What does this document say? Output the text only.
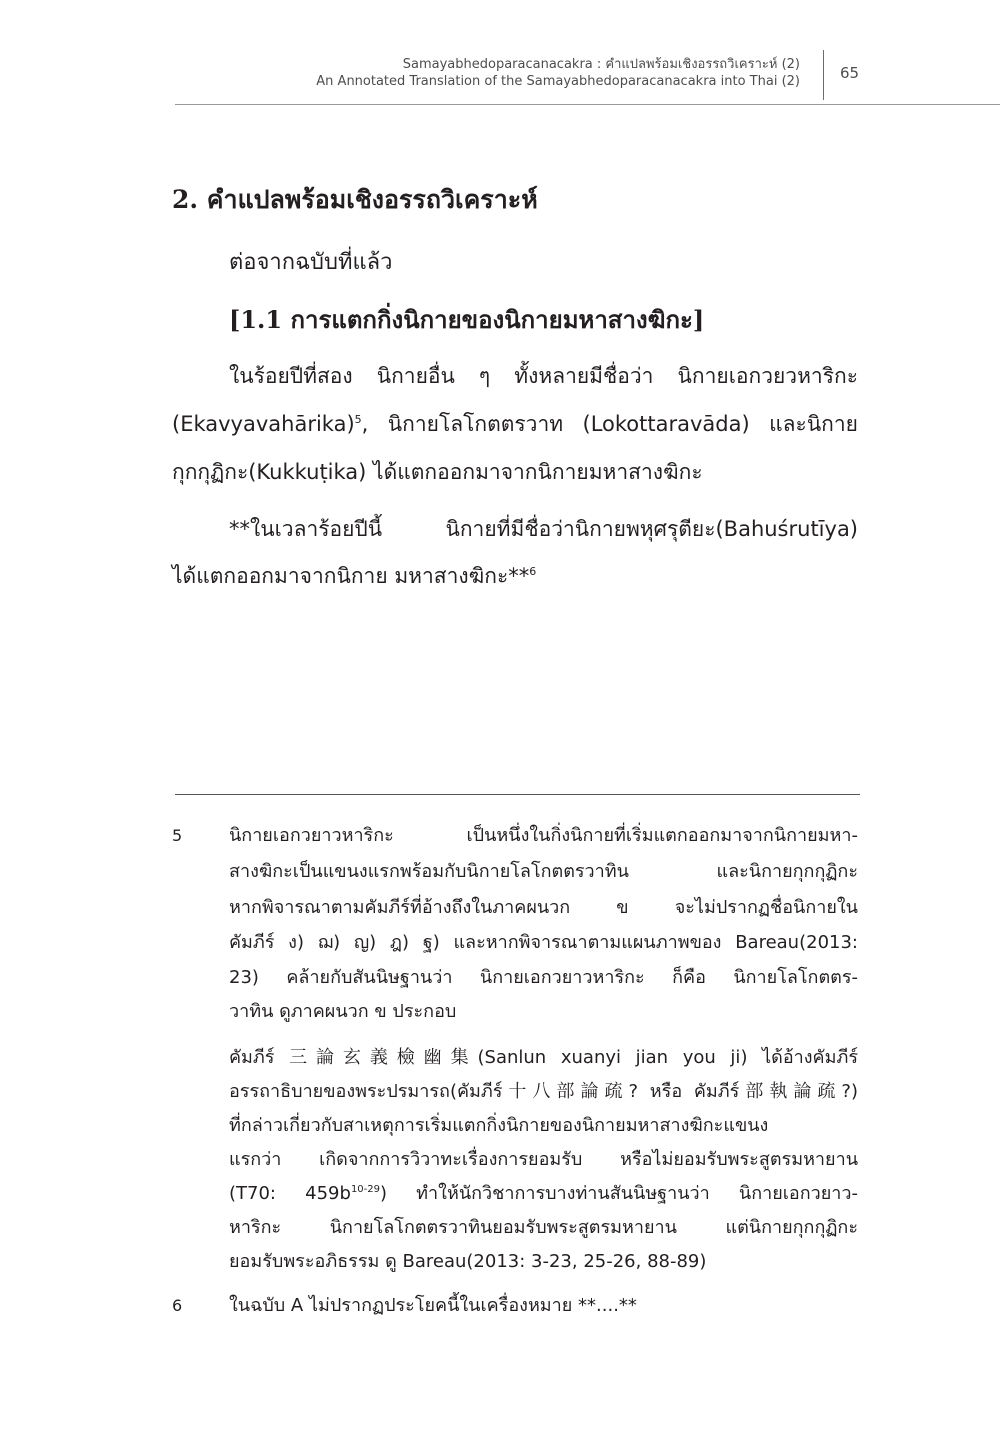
Samayabhedoparacanacakra : คำแปลพร้อมเชิงอรรถวิเคราะห์ (2)
An Annotated Translation of the Samayabhedoparacanacakra into Thai (2)	65
2. คำแปลพร้อมเชิงอรรถวิเคราะห์
ต่อจากฉบับที่แล้ว
[1.1 การแตกกิ่งนิกายของนิกายมหาสางฆิกะ]
ในร้อยปีที่สอง นิกายอื่น ๆ ทั้งหลายมีชื่อว่า นิกายเอกวยวหาริกะ
(Ekavyavahārika)$^5$, นิกายโลโกตตรวาท (Lokottaravāda) และนิกาย
กุกกุฏิกะ(Kukkuṭika) ได้แตกออกมาจากนิกายมหาสางฆิกะ
**ในเวลาร้อยปีนี้ นิกายที่มีชื่อว่านิกายพหุศรุตียะ(Bahuśrutīya)
ได้แตกออกมาจากนิกาย มหาสางฆิกะ**$^6$
5	นิกายเอกวยาวหาริกะ เป็นหนึ่งในกิ่งนิกายที่เริ่มแตกออกมาจากนิกายมหา-
สางฆิกะเป็นแขนงแรกพร้อมกับนิกายโลโกตตรวาทิน และนิกายกุกกุฏิกะ
หากพิจารณาตามคัมภีร์ที่อ้างถึงในภาคผนวก ข จะไม่ปรากฏชื่อนิกายใน
คัมภีร์ ง) ฌ) ญ) ฎ) ฐ) และหากพิจารณาตามแผนภาพของ Bareau(2013:
23) คล้ายกับสันนิษฐานว่า นิกายเอกวยาวหาริกะ ก็คือ นิกายโลโกตตร-
วาทิน ดูภาคผนวก ข ประกอบ
คัมภีร์ 三論玄義檢幽集(Sanlun xuanyi jian you ji) ได้อ้างคัมภีร์
อรรถาธิบายของพระปรมารถ(คัมภีร์十八部論疏? หรือ คัมภีร์部執論疏?)
ที่กล่าวเกี่ยวกับสาเหตุการเริ่มแตกกิ่งนิกายของนิกายมหาสางฆิกะแขนง
แรกว่า เกิดจากการวิวาทะเรื่องการยอมรับ หรือไม่ยอมรับพระสูตรมหายาน
(T70: $459b^{10-29}$) ทำให้นักวิชาการบางท่านสันนิษฐานว่า นิกายเอกวยาว-
หาริกะ นิกายโลโกตตรวาทินยอมรับพระสูตรมหายาน แต่นิกายกุกกุฏิกะ
ยอมรับพระอภิธรรม ดู Bareau(2013: 3-23, 25-26, 88-89)
6	ในฉบับ A ไม่ปรากฏประโยคนี้ในเครื่องหมาย **....**
